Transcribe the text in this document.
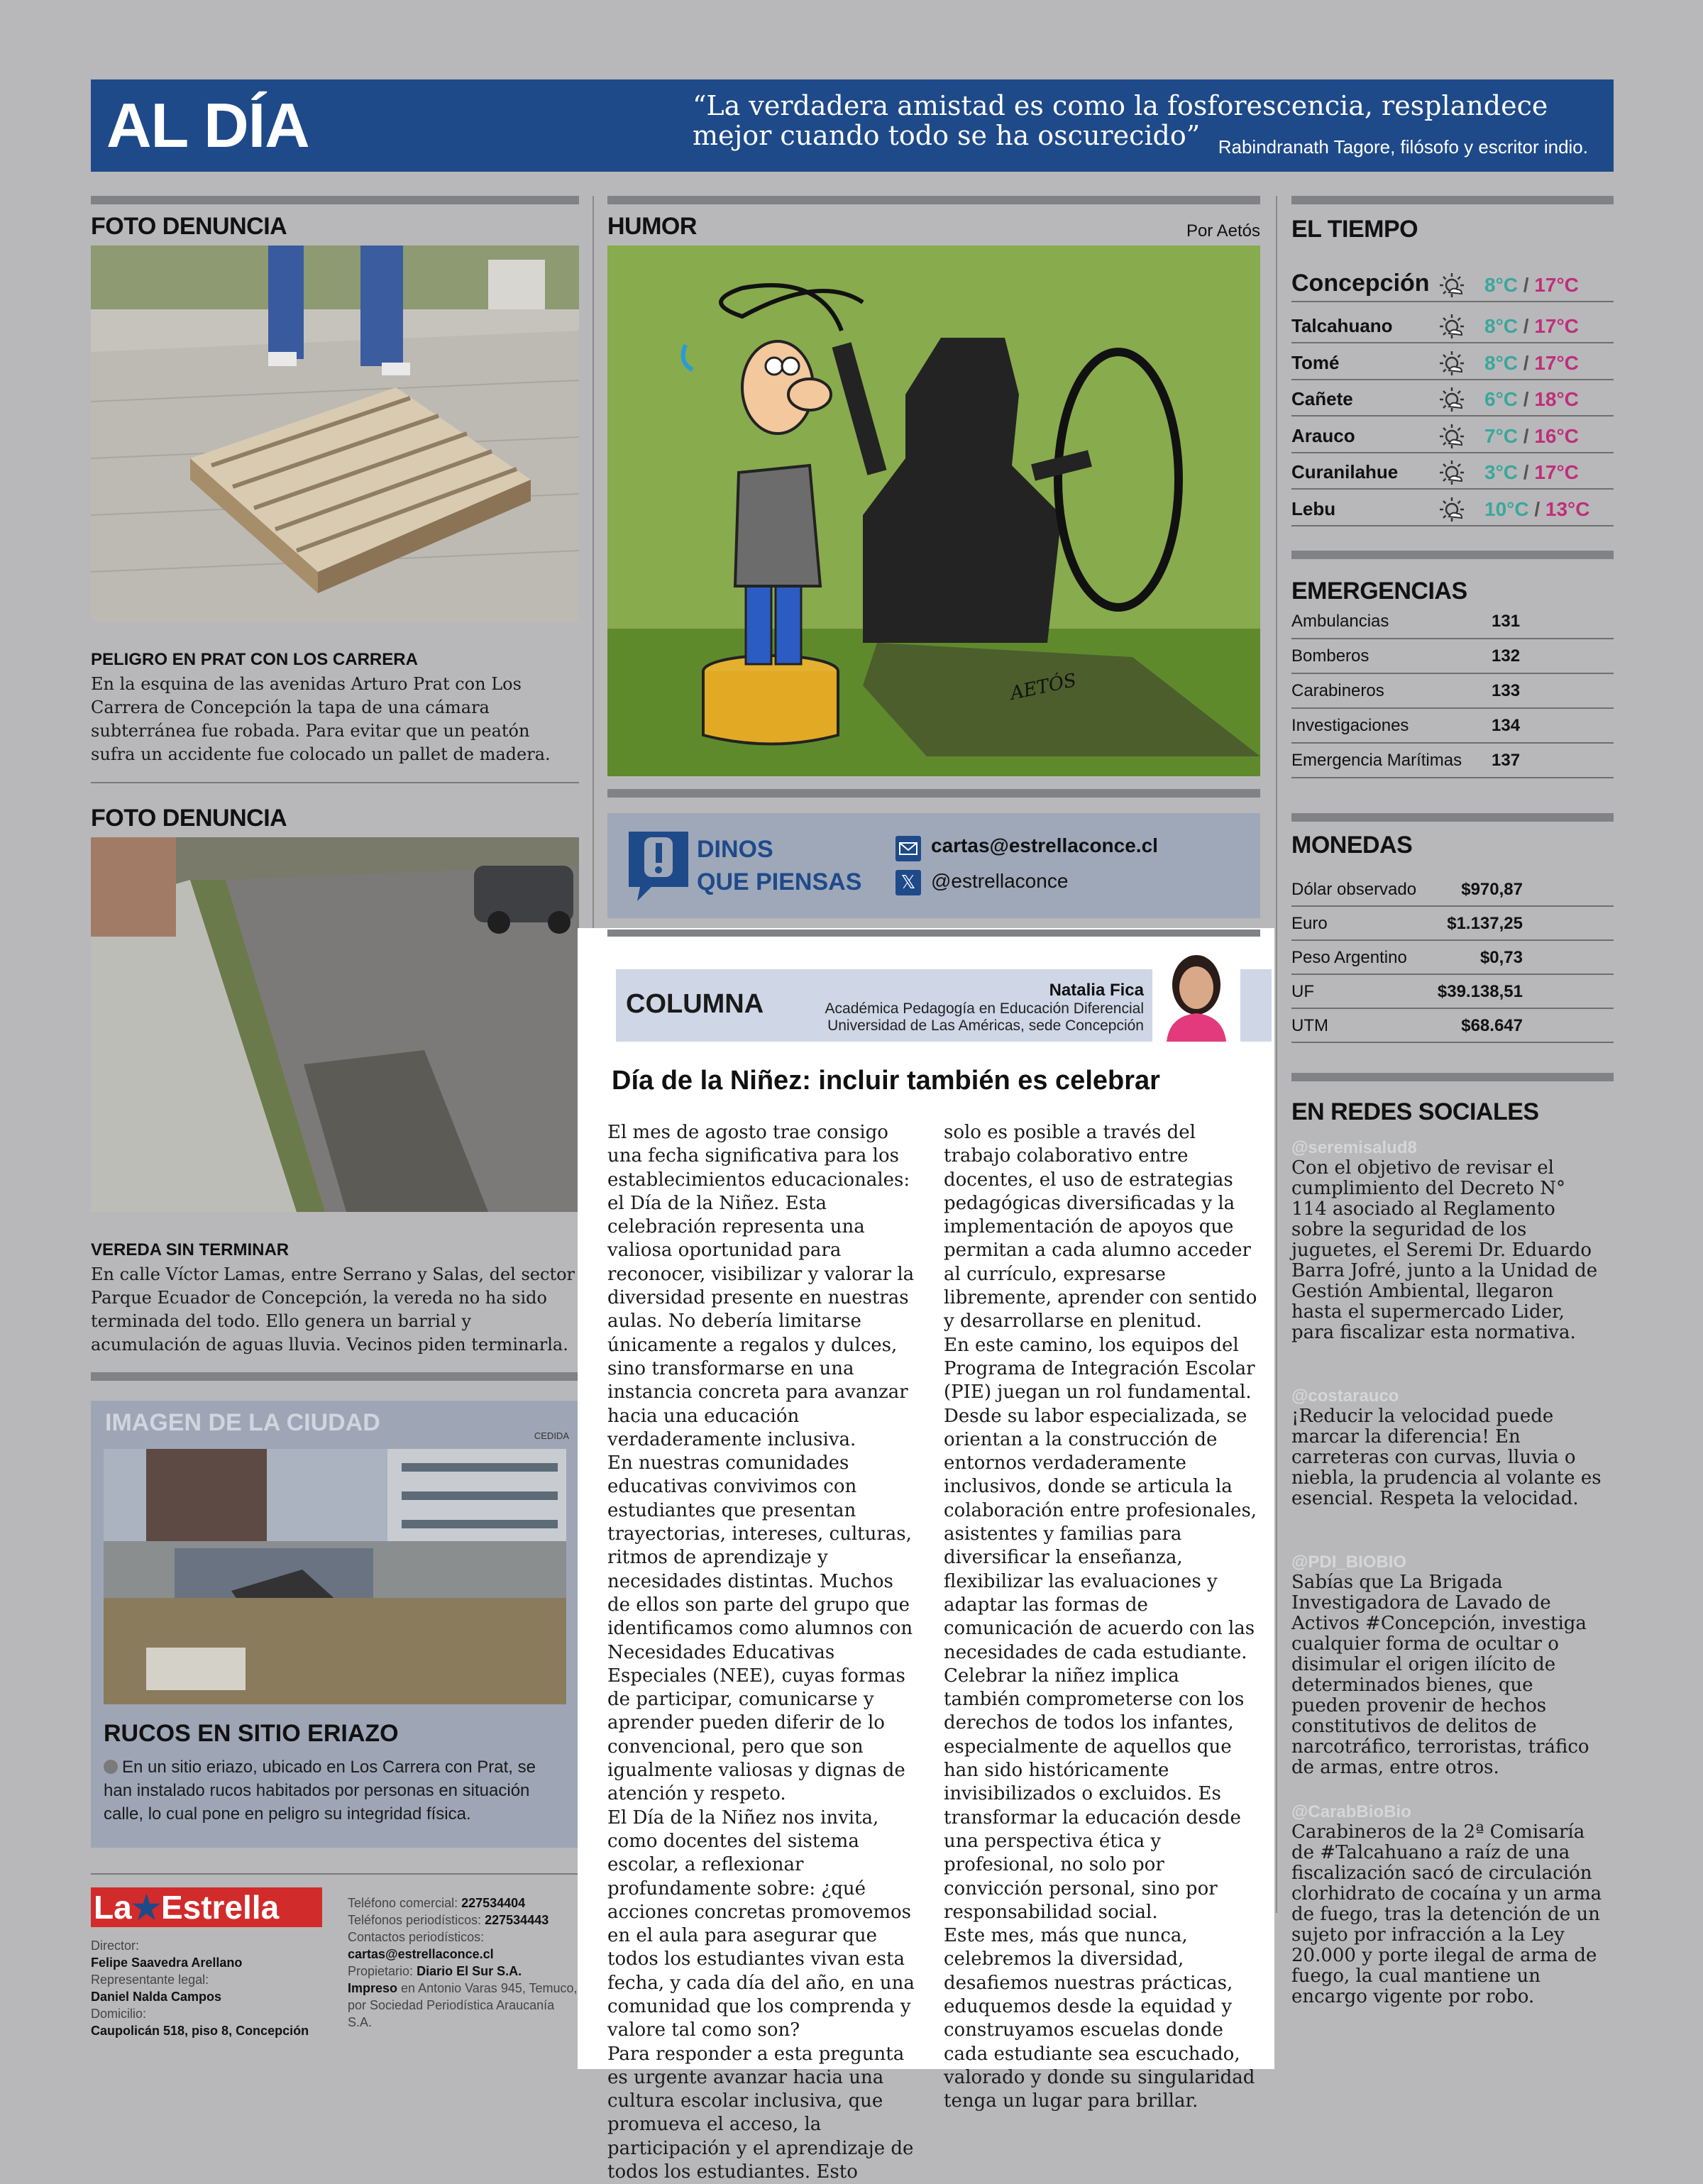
AL DÍA	“La verdadera amistad es como la fosforescencia, resplandece mejor cuando todo se ha oscurecido” Rabindranath Tagore, filósofo y escritor indio.
FOTO DENUNCIA
PELIGRO EN PRAT CON LOS CARRERA
En la esquina de las avenidas Arturo Prat con Los Carrera de Concepción la tapa de una cámara subterránea fue robada. Para evitar que un peatón sufra un accidente fue colocado un pallet de madera.
FOTO DENUNCIA
VEREDA SIN TERMINAR
En calle Víctor Lamas, entre Serrano y Salas, del sector Parque Ecuador de Concepción, la vereda no ha sido terminada del todo. Ello genera un barrial y acumulación de aguas lluvia. Vecinos piden terminarla.
IMAGEN DE LA CIUDAD	CEDIDA
RUCOS EN SITIO ERIAZO
En un sitio eriazo, ubicado en Los Carrera con Prat, se han instalado rucos habitados por personas en situación calle, lo cual pone en peligro su integridad física.
La★Estrella
Director:
Felipe Saavedra Arellano
Representante legal:
Daniel Nalda Campos
Domicilio:
Caupolicán 518, piso 8, Concepción
Teléfono comercial: 227534404
Teléfonos periodísticos: 227534443
Contactos periodísticos:
cartas@estrellaconce.cl
Propietario: Diario El Sur S.A.
Impreso en Antonio Varas 945, Temuco, por Sociedad Periodística Araucanía S.A.
HUMOR	Por Aetós
AETÓS
DINOS
QUE PIENSAS
cartas@estrellaconce.cl
𝕏 @estrellaconce
COLUMNA	Natalia Fica
Académica Pedagogía en Educación Diferencial
Universidad de Las Américas, sede Concepción
Día de la Niñez: incluir también es celebrar

El mes de agosto trae consigo una fecha significativa para los establecimientos educacionales: el Día de la Niñez. Esta celebración representa una valiosa oportunidad para reconocer, visibilizar y valorar la diversidad presente en nuestras aulas. No debería limitarse únicamente a regalos y dulces, sino transformarse en una instancia concreta para avanzar hacia una educación verdaderamente inclusiva.

En nuestras comunidades educativas convivimos con estudiantes que presentan trayectorias, intereses, culturas, ritmos de aprendizaje y necesidades distintas. Muchos de ellos son parte del grupo que identificamos como alumnos con Necesidades Educativas Especiales (NEE), cuyas formas de participar, comunicarse y aprender pueden diferir de lo convencional, pero que son igualmente valiosas y dignas de atención y respeto.

El Día de la Niñez nos invita, como docentes del sistema escolar, a reflexionar profundamente sobre: ¿qué acciones concretas promovemos en el aula para asegurar que todos los estudiantes vivan esta fecha, y cada día del año, en una comunidad que los comprenda y valore tal como son?

Para responder a esta pregunta es urgente avanzar hacia una cultura escolar inclusiva, que promueva el acceso, la participación y el aprendizaje de todos los estudiantes. Esto

solo es posible a través del trabajo colaborativo entre docentes, el uso de estrategias pedagógicas diversificadas y la implementación de apoyos que permitan a cada alumno acceder al currículo, expresarse libremente, aprender con sentido y desarrollarse en plenitud.

En este camino, los equipos del Programa de Integración Escolar (PIE) juegan un rol fundamental. Desde su labor especializada, se orientan a la construcción de entornos verdaderamente inclusivos, donde se articula la colaboración entre profesionales, asistentes y familias para diversificar la enseñanza, flexibilizar las evaluaciones y adaptar las formas de comunicación de acuerdo con las necesidades de cada estudiante.

Celebrar la niñez implica también comprometerse con los derechos de todos los infantes, especialmente de aquellos que han sido históricamente invisibilizados o excluidos. Es transformar la educación desde una perspectiva ética y profesional, no solo por convicción personal, sino por responsabilidad social.

Este mes, más que nunca, celebremos la diversidad, desafiemos nuestras prácticas, eduquemos desde la equidad y construyamos escuelas donde cada estudiante sea escuchado, valorado y donde su singularidad tenga un lugar para brillar.

EL TIEMPO
Concepción	8°C / 17°C
Talcahuano	8°C / 17°C
Tomé	8°C / 17°C
Cañete	6°C / 18°C
Arauco	7°C / 16°C
Curanilahue	3°C / 17°C
Lebu	10°C / 13°C
EMERGENCIAS
Ambulancias	131
Bomberos	132
Carabineros	133
Investigaciones	134
Emergencia Marítimas 137
MONEDAS
Dólar observado	$970,87
Euro	$1.137,25
Peso Argentino	$0,73
UF	$39.138,51
UTM	$68.647
EN REDES SOCIALES
@seremisalud8
Con el objetivo de revisar el cumplimiento del Decreto N° 114 asociado al Reglamento sobre la seguridad de los juguetes, el Seremi Dr. Eduardo Barra Jofré, junto a la Unidad de Gestión Ambiental, llegaron hasta el supermercado Lider, para fiscalizar esta normativa.
@costarauco
¡Reducir la velocidad puede marcar la diferencia! En carreteras con curvas, lluvia o niebla, la prudencia al volante es esencial. Respeta la velocidad.
@PDI_BIOBIO
Sabías que La Brigada Investigadora de Lavado de Activos #Concepción, investiga cualquier forma de ocultar o disimular el origen ilícito de determinados bienes, que pueden provenir de hechos constitutivos de delitos de narcotráfico, terroristas, tráfico de armas, entre otros.
@CarabBioBio
Carabineros de la 2ª Comisaría de #Talcahuano a raíz de una fiscalización sacó de circulación clorhidrato de cocaína y un arma de fuego, tras la detención de un sujeto por infracción a la Ley 20.000 y porte ilegal de arma de fuego, la cual mantiene un encargo vigente por robo.
